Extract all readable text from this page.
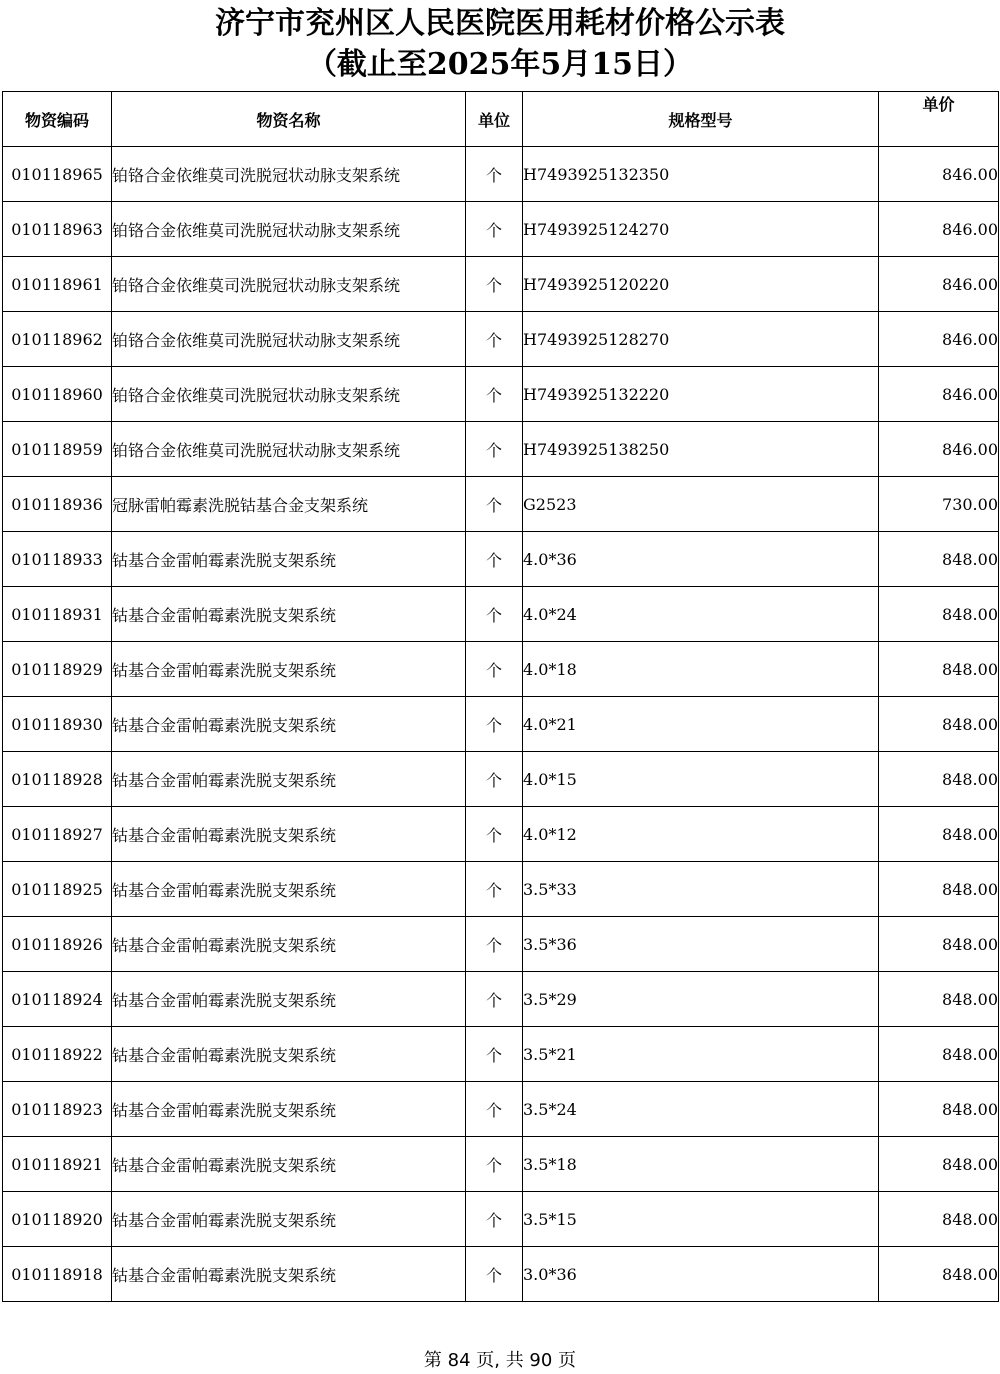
济宁市兖州区人民医院医用耗材价格公示表
（截止至2025年5月15日）
物资编码	物资名称	单位	规格型号	单价
010118965	铂铬合金依维莫司洗脱冠状动脉支架系统	个	H7493925132350	846.00
010118963	铂铬合金依维莫司洗脱冠状动脉支架系统	个	H7493925124270	846.00
010118961	铂铬合金依维莫司洗脱冠状动脉支架系统	个	H7493925120220	846.00
010118962	铂铬合金依维莫司洗脱冠状动脉支架系统	个	H7493925128270	846.00
010118960	铂铬合金依维莫司洗脱冠状动脉支架系统	个	H7493925132220	846.00
010118959	铂铬合金依维莫司洗脱冠状动脉支架系统	个	H7493925138250	846.00
010118936	冠脉雷帕霉素洗脱钴基合金支架系统	个	G2523	730.00
010118933	钴基合金雷帕霉素洗脱支架系统	个	4.0*36	848.00
010118931	钴基合金雷帕霉素洗脱支架系统	个	4.0*24	848.00
010118929	钴基合金雷帕霉素洗脱支架系统	个	4.0*18	848.00
010118930	钴基合金雷帕霉素洗脱支架系统	个	4.0*21	848.00
010118928	钴基合金雷帕霉素洗脱支架系统	个	4.0*15	848.00
010118927	钴基合金雷帕霉素洗脱支架系统	个	4.0*12	848.00
010118925	钴基合金雷帕霉素洗脱支架系统	个	3.5*33	848.00
010118926	钴基合金雷帕霉素洗脱支架系统	个	3.5*36	848.00
010118924	钴基合金雷帕霉素洗脱支架系统	个	3.5*29	848.00
010118922	钴基合金雷帕霉素洗脱支架系统	个	3.5*21	848.00
010118923	钴基合金雷帕霉素洗脱支架系统	个	3.5*24	848.00
010118921	钴基合金雷帕霉素洗脱支架系统	个	3.5*18	848.00
010118920	钴基合金雷帕霉素洗脱支架系统	个	3.5*15	848.00
010118918	钴基合金雷帕霉素洗脱支架系统	个	3.0*36	848.00
第 84 页, 共 90 页
